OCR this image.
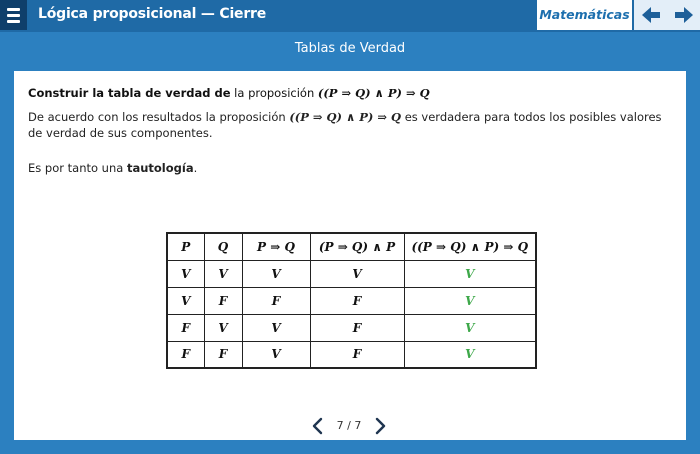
Lógica proposicional — Cierre	Matemáticas
Tablas de Verdad
Construir la tabla de verdad de la proposición ((P ⇒ Q) ∧ P) ⇒ Q
De acuerdo con los resultados la proposición ((P ⇒ Q) ∧ P) ⇒ Q es verdadera para todos los posibles valores de verdad de sus componentes.
Es por tanto una tautología.
P	Q	P ⇒ Q	(P ⇒ Q) ∧ P	((P ⇒ Q) ∧ P) ⇒ Q
V	V	V	V	V
V	F	F	F	V
F	V	V	F	V
F	F	V	F	V
7 / 7
